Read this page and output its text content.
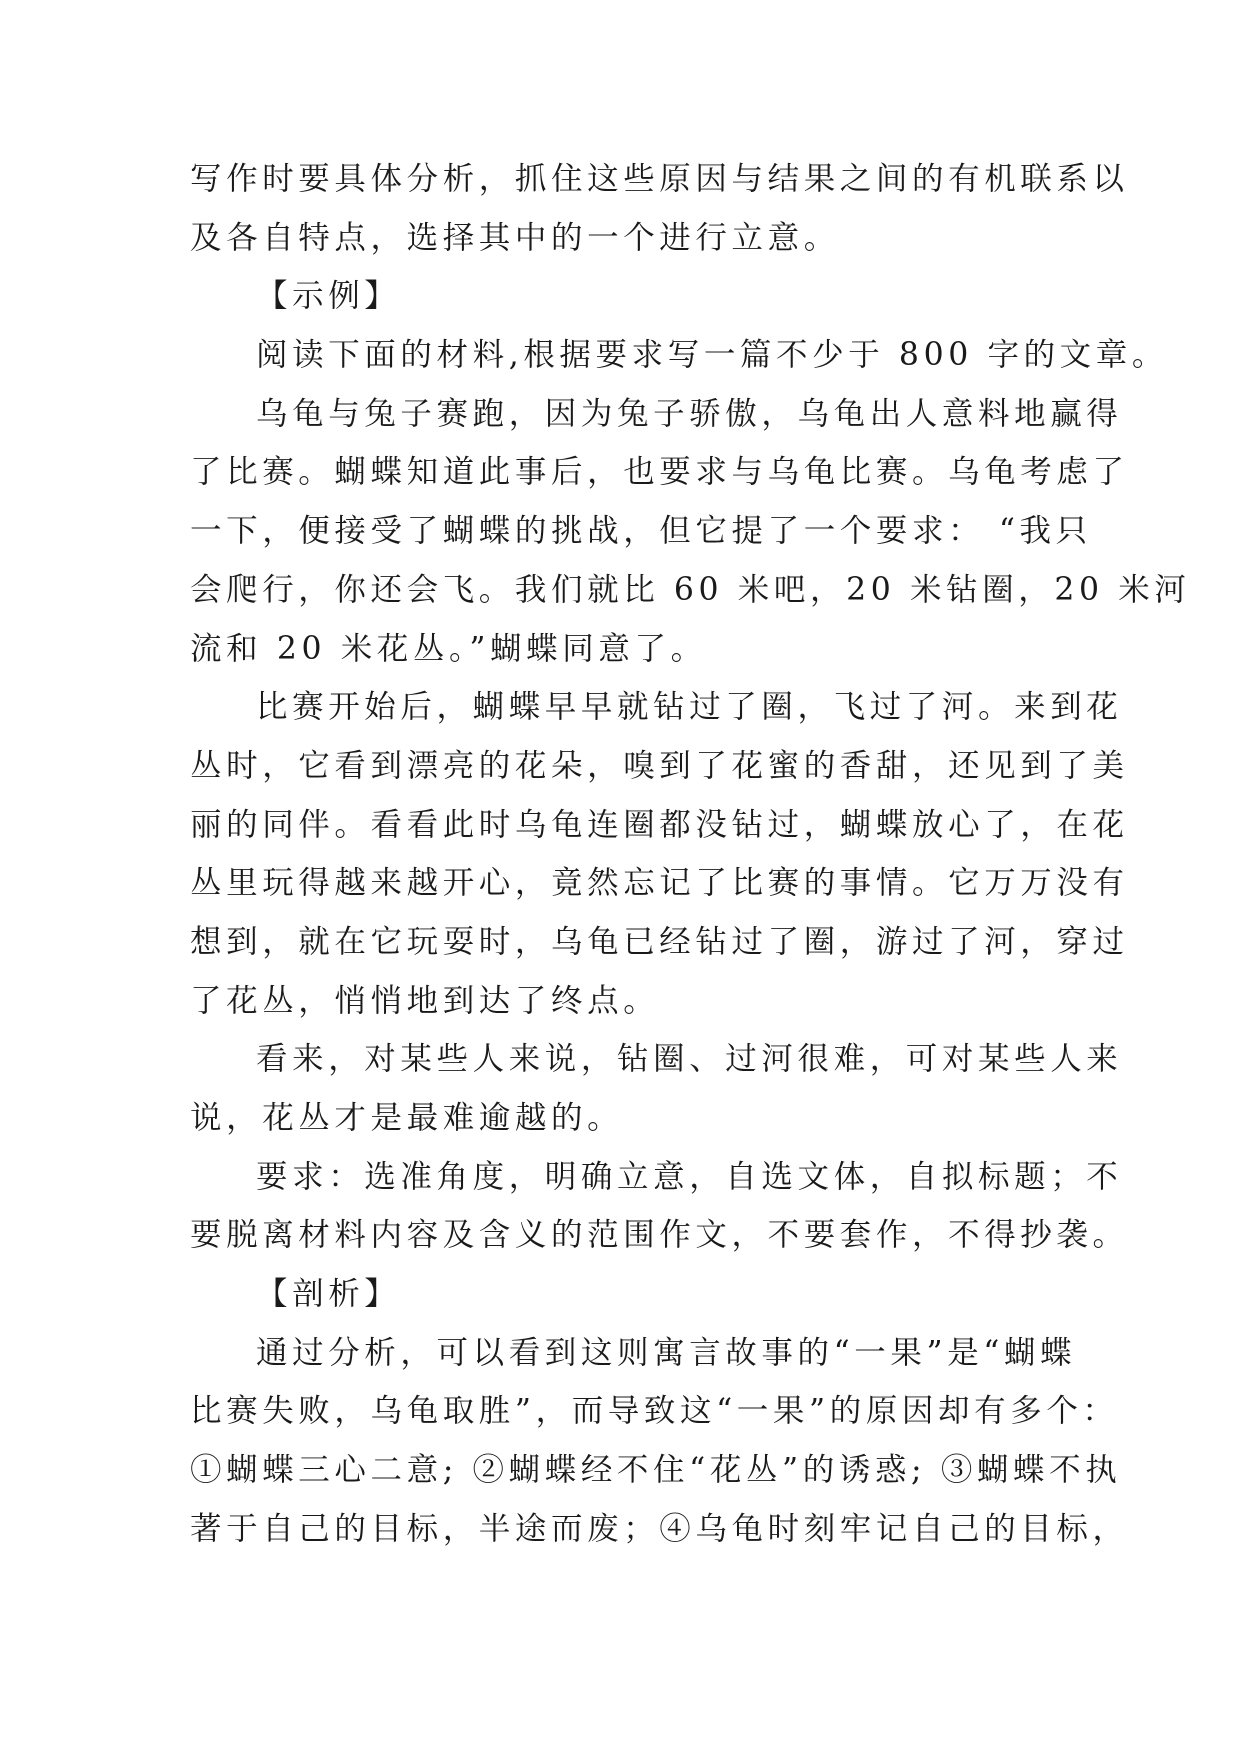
写作时要具体分析，抓住这些原因与结果之间的有机联系以
及各自特点，选择其中的一个进行立意。
【示例】
阅读下面的材料,根据要求写一篇不少于 800 字的文章。
乌龟与兔子赛跑，因为兔子骄傲，乌龟出人意料地赢得
了比赛。蝴蝶知道此事后，也要求与乌龟比赛。乌龟考虑了
一下，便接受了蝴蝶的挑战，但它提了一个要求： “我只
会爬行，你还会飞。我们就比 60 米吧，20 米钻圈，20 米河
流和 20 米花丛。”蝴蝶同意了。
比赛开始后，蝴蝶早早就钻过了圈，飞过了河。来到花
丛时，它看到漂亮的花朵，嗅到了花蜜的香甜，还见到了美
丽的同伴。看看此时乌龟连圈都没钻过，蝴蝶放心了，在花
丛里玩得越来越开心，竟然忘记了比赛的事情。它万万没有
想到，就在它玩耍时，乌龟已经钻过了圈，游过了河，穿过
了花丛，悄悄地到达了终点。
看来，对某些人来说，钻圈、过河很难，可对某些人来
说，花丛才是最难逾越的。
要求：选准角度，明确立意，自选文体，自拟标题；不
要脱离材料内容及含义的范围作文，不要套作，不得抄袭。
【剖析】
通过分析，可以看到这则寓言故事的“一果”是“蝴蝶
比赛失败，乌龟取胜”，而导致这“一果”的原因却有多个：
①蝴蝶三心二意; ②蝴蝶经不住“花丛”的诱惑; ③蝴蝶不执
著于自己的目标，半途而废；④乌龟时刻牢记自己的目标，
